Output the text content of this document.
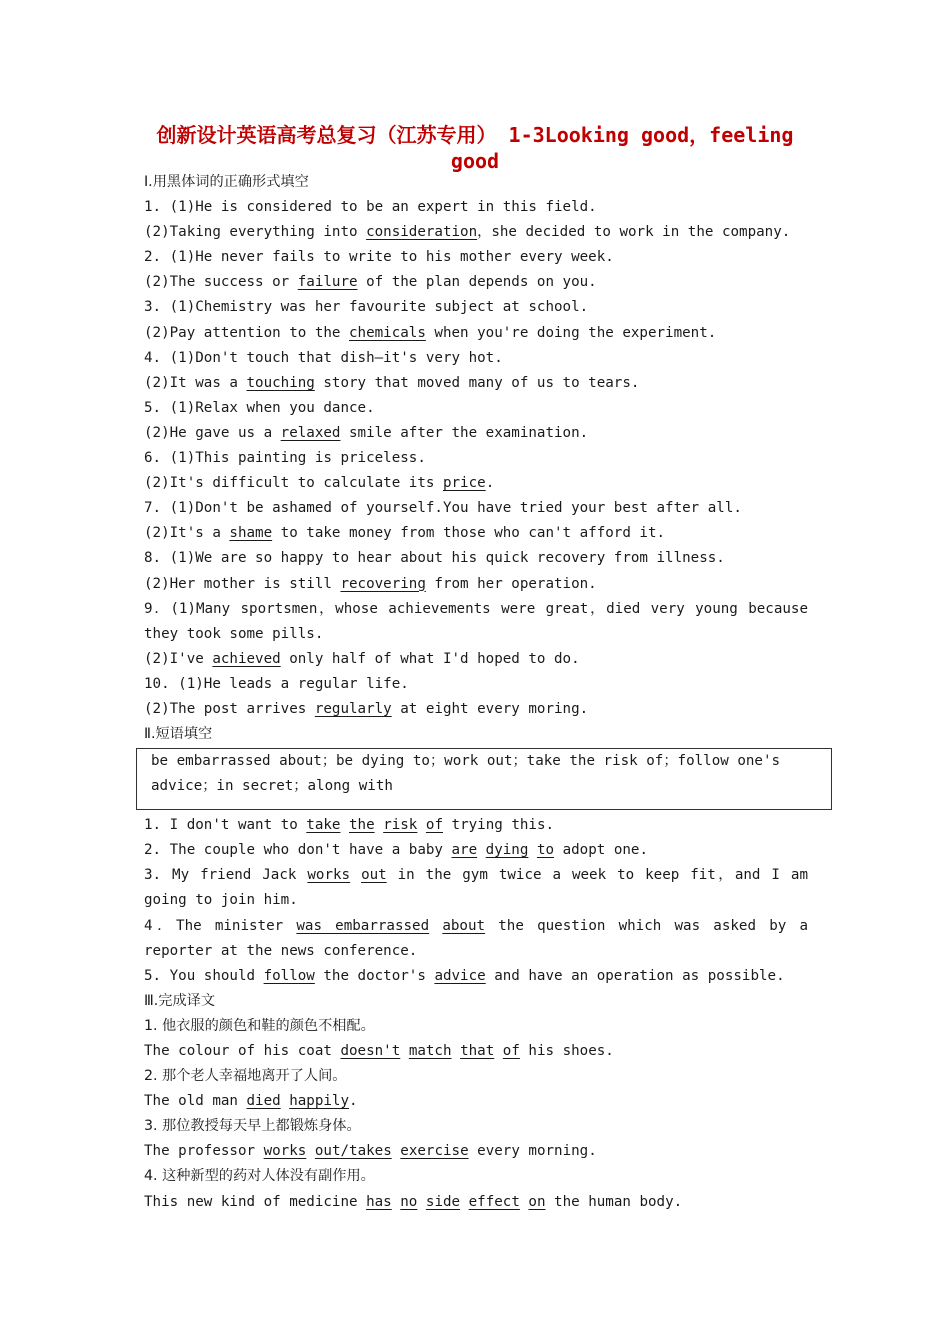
创新设计英语高考总复习（江苏专用） 1-3Looking good，feeling good
Ⅰ.用黑体词的正确形式填空
1. (1)He is considered to be an expert in this field.
(2)Taking everything into consideration，she decided to work in the company.
2. (1)He never fails to write to his mother every week.
(2)The success or failure of the plan depends on you.
3. (1)Chemistry was her favourite subject at school.
(2)Pay attention to the chemicals when you're doing the experiment.
4. (1)Don't touch that dish—it's very hot.
(2)It was a touching story that moved many of us to tears.
5. (1)Relax when you dance.
(2)He gave us a relaxed smile after the examination.
6. (1)This painting is priceless.
(2)It's difficult to calculate its price.
7. (1)Don't be ashamed of yourself.You have tried your best after all.
(2)It's a shame to take money from those who can't afford it.
8. (1)We are so happy to hear about his quick recovery from illness.
(2)Her mother is still recovering from her operation.
9．(1)Many sportsmen，whose achievements were great，died very young because they took some pills.
(2)I've achieved only half of what I'd hoped to do.
10. (1)He leads a regular life.
(2)The post arrives regularly at eight every moring.
Ⅱ.短语填空
be embarrassed about；be dying to；work out；take the risk of；follow one's advice；in secret；along with
1. I don't want to take the risk of trying this.
2. The couple who don't have a baby are dying to adopt one.
3. My friend Jack works out in the gym twice a week to keep fit，and I am going to join him.
4．The minister was embarrassed about the question which was asked by a reporter at the news conference.
5. You should follow the doctor's advice and have an operation as possible.
Ⅲ.完成译文
1. 他衣服的颜色和鞋的颜色不相配。
The colour of his coat doesn't match that of his shoes.
2. 那个老人幸福地离开了人间。
The old man died happily.
3. 那位教授每天早上都锻炼身体。
The professor works out/takes exercise every morning.
4. 这种新型的药对人体没有副作用。
This new kind of medicine has no side effect on the human body.
